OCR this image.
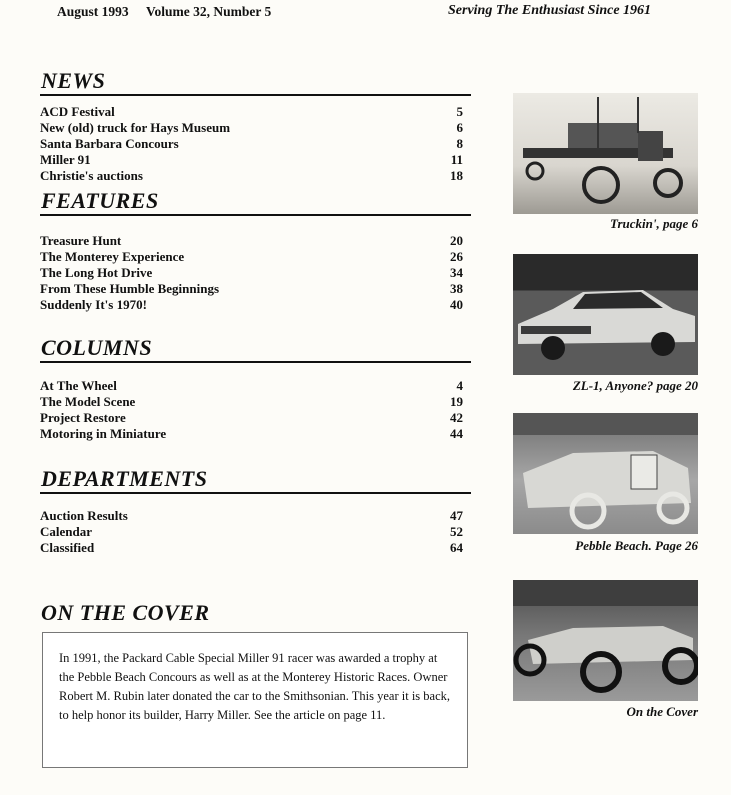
August 1993 Volume 32, Number 5	Serving The Enthusiast Since 1961
NEWS
ACD Festival	5
New (old) truck for Hays Museum	6
Santa Barbara Concours	8
Miller 91	11
Christie's auctions	18
FEATURES
Treasure Hunt	20
The Monterey Experience	26
The Long Hot Drive	34
From These Humble Beginnings	38
Suddenly It's 1970!	40
COLUMNS
At The Wheel	4
The Model Scene	19
Project Restore	42
Motoring in Miniature	44
DEPARTMENTS
Auction Results	47
Calendar	52
Classified	64
ON THE COVER
In 1991, the Packard Cable Special Miller 91 racer was awarded a trophy at the Pebble Beach Concours as well as at the Monterey Historic Races. Owner Robert M. Rubin later donated the car to the Smithsonian. This year it is back, to help honor its builder, Harry Miller. See the article on page 11.
Truckin', page 6
ZL-1, Anyone? page 20
Pebble Beach. Page 26
On the Cover
